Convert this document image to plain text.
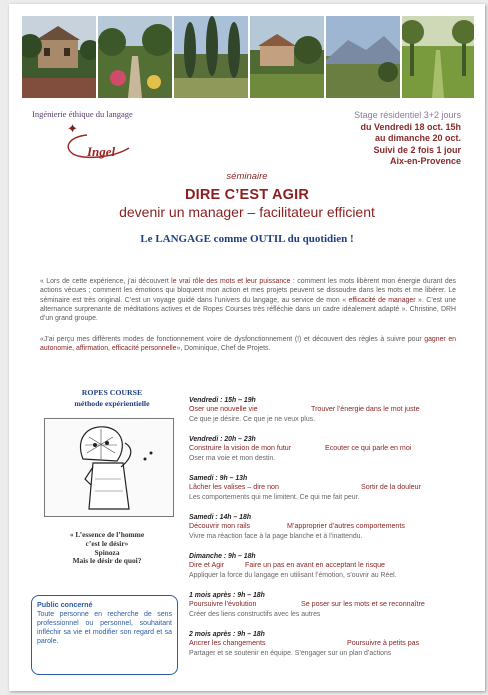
Ingénierie éthique du langage
✦
Ingel
Stage résidentiel 3+2 jours
du Vendredi 18 oct. 15h
au dimanche 20 oct.
Suivi de 2 fois 1 jour
Aix-en-Provence
séminaire
DIRE C’EST AGIR
devenir un manager – facilitateur efficient
Le LANGAGE comme OUTIL du quotidien !
« Lors de cette expérience, j’ai découvert le vrai rôle des mots et leur puissance : comment les mots libèrent mon énergie durant des actions vécues ; comment les émotions qui bloquent mon action et mes projets peuvent se dissoudre dans les mots et me libérer. Le séminaire est très original. C’est un voyage guidé dans l’univers du langage, au service de mon « efficacité de manager ». C’est une alternance surprenante de méditations actives et de Ropes Courses très réfléchie dans un cadre idéalement adapté ». Christine, DRH d’un grand groupe.
«J’ai perçu mes différents modes de fonctionnement voire de dysfonctionnement (!) et découvert des règles à suivre pour gagner en autonomie, affirmation, efficacité personnelle», Dominique, Chef de Projets.
ROPES COURSE
méthode expérientielle
« L’essence de l’homme
c’est le désir»
Spinoza
Mais le désir de quoi?
Public concerné
Toute personne en recherche de sens professionnel ou personnel, souhaitant infléchir sa vie et modifier son regard et sa parole.
Vendredi : 15h – 19h
Oser une nouvelle vie	Trouver l’énergie dans le mot juste
Ce que je désire. Ce que je ne veux plus.
Vendredi : 20h – 23h
Construire la vision de mon futur	Ecouter ce qui parle en moi
Oser ma voie et mon destin.
Samedi : 9h – 13h
Lâcher les valises – dire non	Sortir de la douleur
Les comportements qui me limitent. Ce qui me fait peur.
Samedi : 14h – 18h
Découvrir mon rails	M’approprier d’autres comportements
Vivre ma réaction face à la page blanche et à l’inattendu.
Dimanche : 9h – 18h
Dire et Agir	Faire un pas en avant en acceptant le risque
Appliquer la force du langage en utilisant l’émotion, s’ouvrir au Réel.
1 mois après : 9h – 18h
Poursuivre l’évolution	Se poser sur les mots et se reconnaître
Créer des liens constructifs avec les autres
2 mois après : 9h – 18h
Ancrer les changements	Poursuivre à petits pas
Partager et se soutenir en équipe. S’engager sur un plan d’actions
